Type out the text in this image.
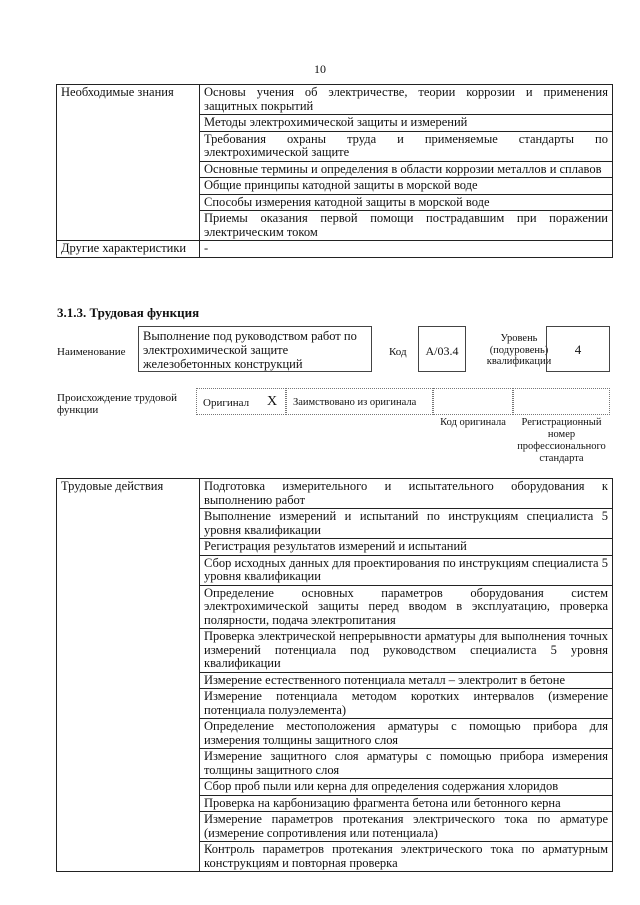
10
Необходимые знания	Основы учения об электричестве, теории коррозии и применения защитных покрытий
	Методы электрохимической защиты и измерений
	Требования охраны труда и применяемые стандарты по электрохимической защите
	Основные термины и определения в области коррозии металлов и сплавов
	Общие принципы катодной защиты в морской воде
	Способы измерения катодной защиты в морской воде
	Приемы оказания первой помощи пострадавшим при поражении электрическим током
Другие характеристики	-
3.1.3. Трудовая функция
Наименование
Выполнение под руководством работ по электрохимической защите железобетонных конструкций
Код	A/03.4
Уровень (подуровень) квалификации
4
Происхождение трудовой функции
Оригинал X Заимствовано из оригинала
Код оригинала	Регистрационный номер профессионального стандарта
Трудовые действия	Подготовка измерительного и испытательного оборудования к выполнению работ
Выполнение измерений и испытаний по инструкциям специалиста 5 уровня квалификации
Регистрация результатов измерений и испытаний
Сбор исходных данных для проектирования по инструкциям специалиста 5 уровня квалификации
Определение основных параметров оборудования систем электрохимической защиты перед вводом в эксплуатацию, проверка полярности, подача электропитания
Проверка электрической непрерывности арматуры для выполнения точных измерений потенциала под руководством специалиста 5 уровня квалификации
Измерение естественного потенциала металл – электролит в бетоне
Измерение потенциала методом коротких интервалов (измерение потенциала полуэлемента)
Определение местоположения арматуры с помощью прибора для измерения толщины защитного слоя
Измерение защитного слоя арматуры с помощью прибора измерения толщины защитного слоя
Сбор проб пыли или керна для определения содержания хлоридов
Проверка на карбонизацию фрагмента бетона или бетонного керна
Измерение параметров протекания электрического тока по арматуре (измерение сопротивления или потенциала)
Контроль параметров протекания электрического тока по арматурным конструкциям и повторная проверка
